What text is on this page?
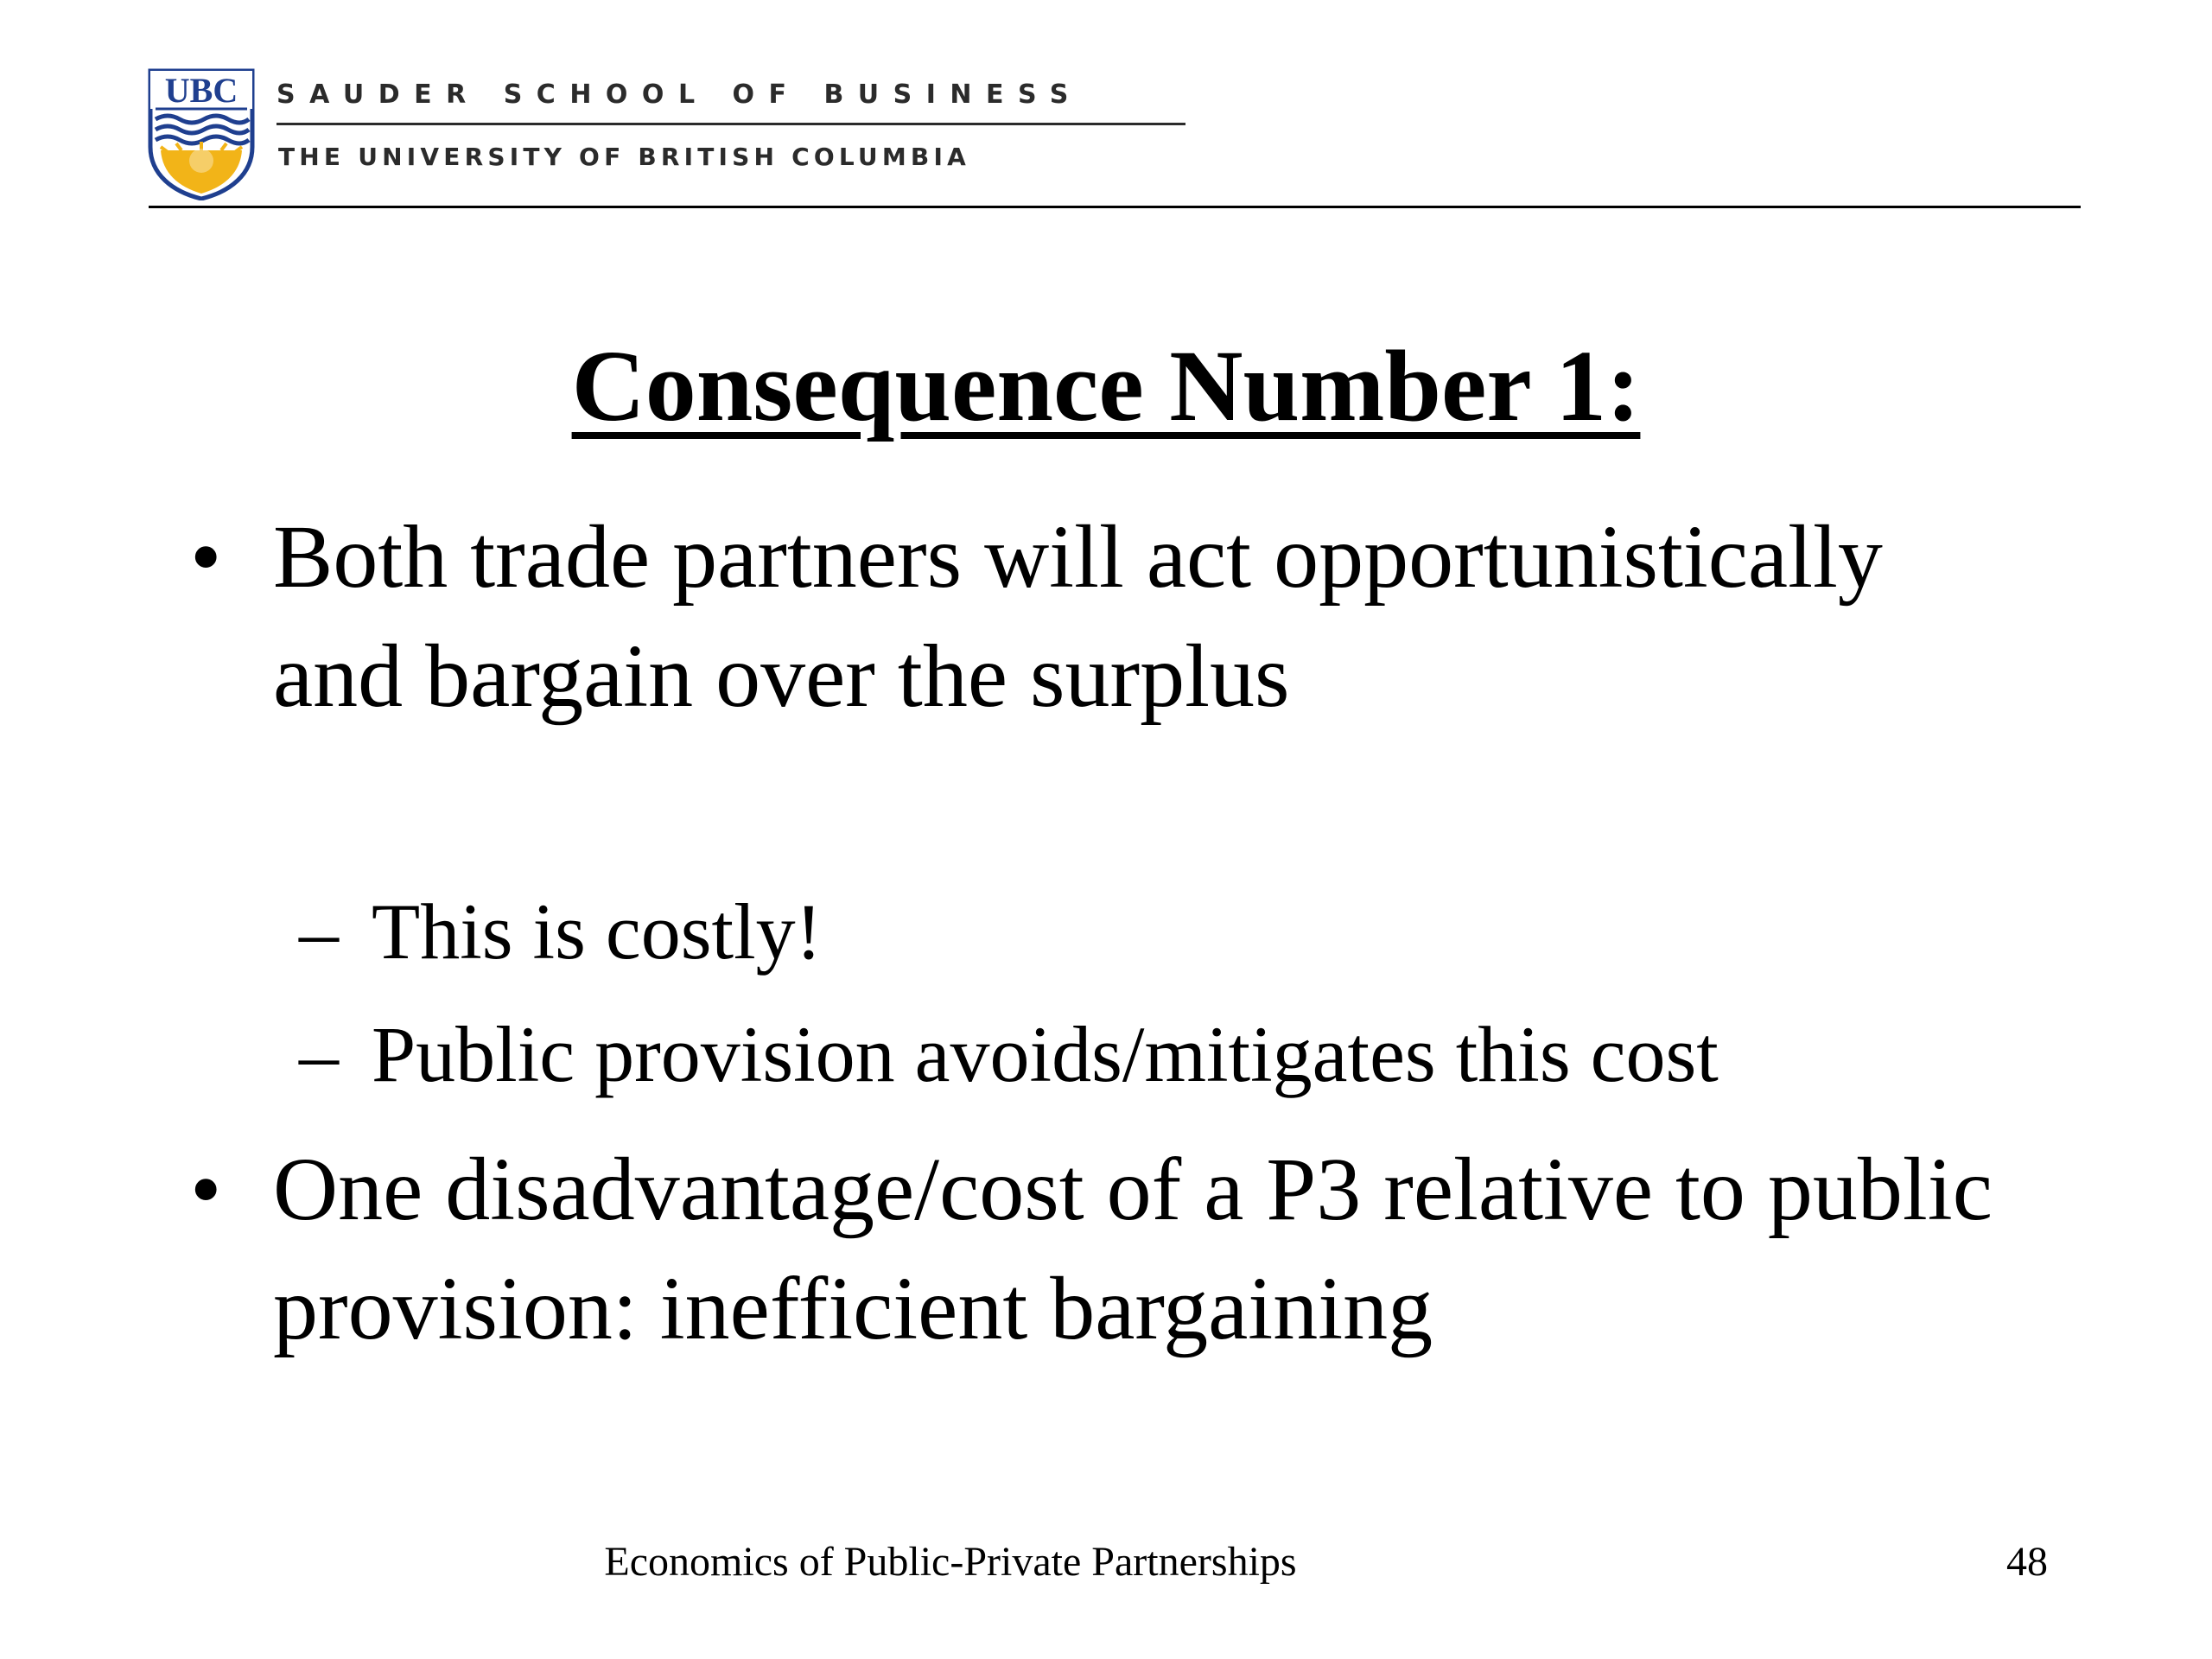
UBC SAUDER SCHOOL OF BUSINESS
THE UNIVERSITY OF BRITISH COLUMBIA
Consequence Number 1:
• Both trade partners will act opportunistically and bargain over the surplus
– This is costly!
– Public provision avoids/mitigates this cost
• One disadvantage/cost of a P3 relative to public provision: inefficient bargaining
Economics of Public-Private Partnerships	48
